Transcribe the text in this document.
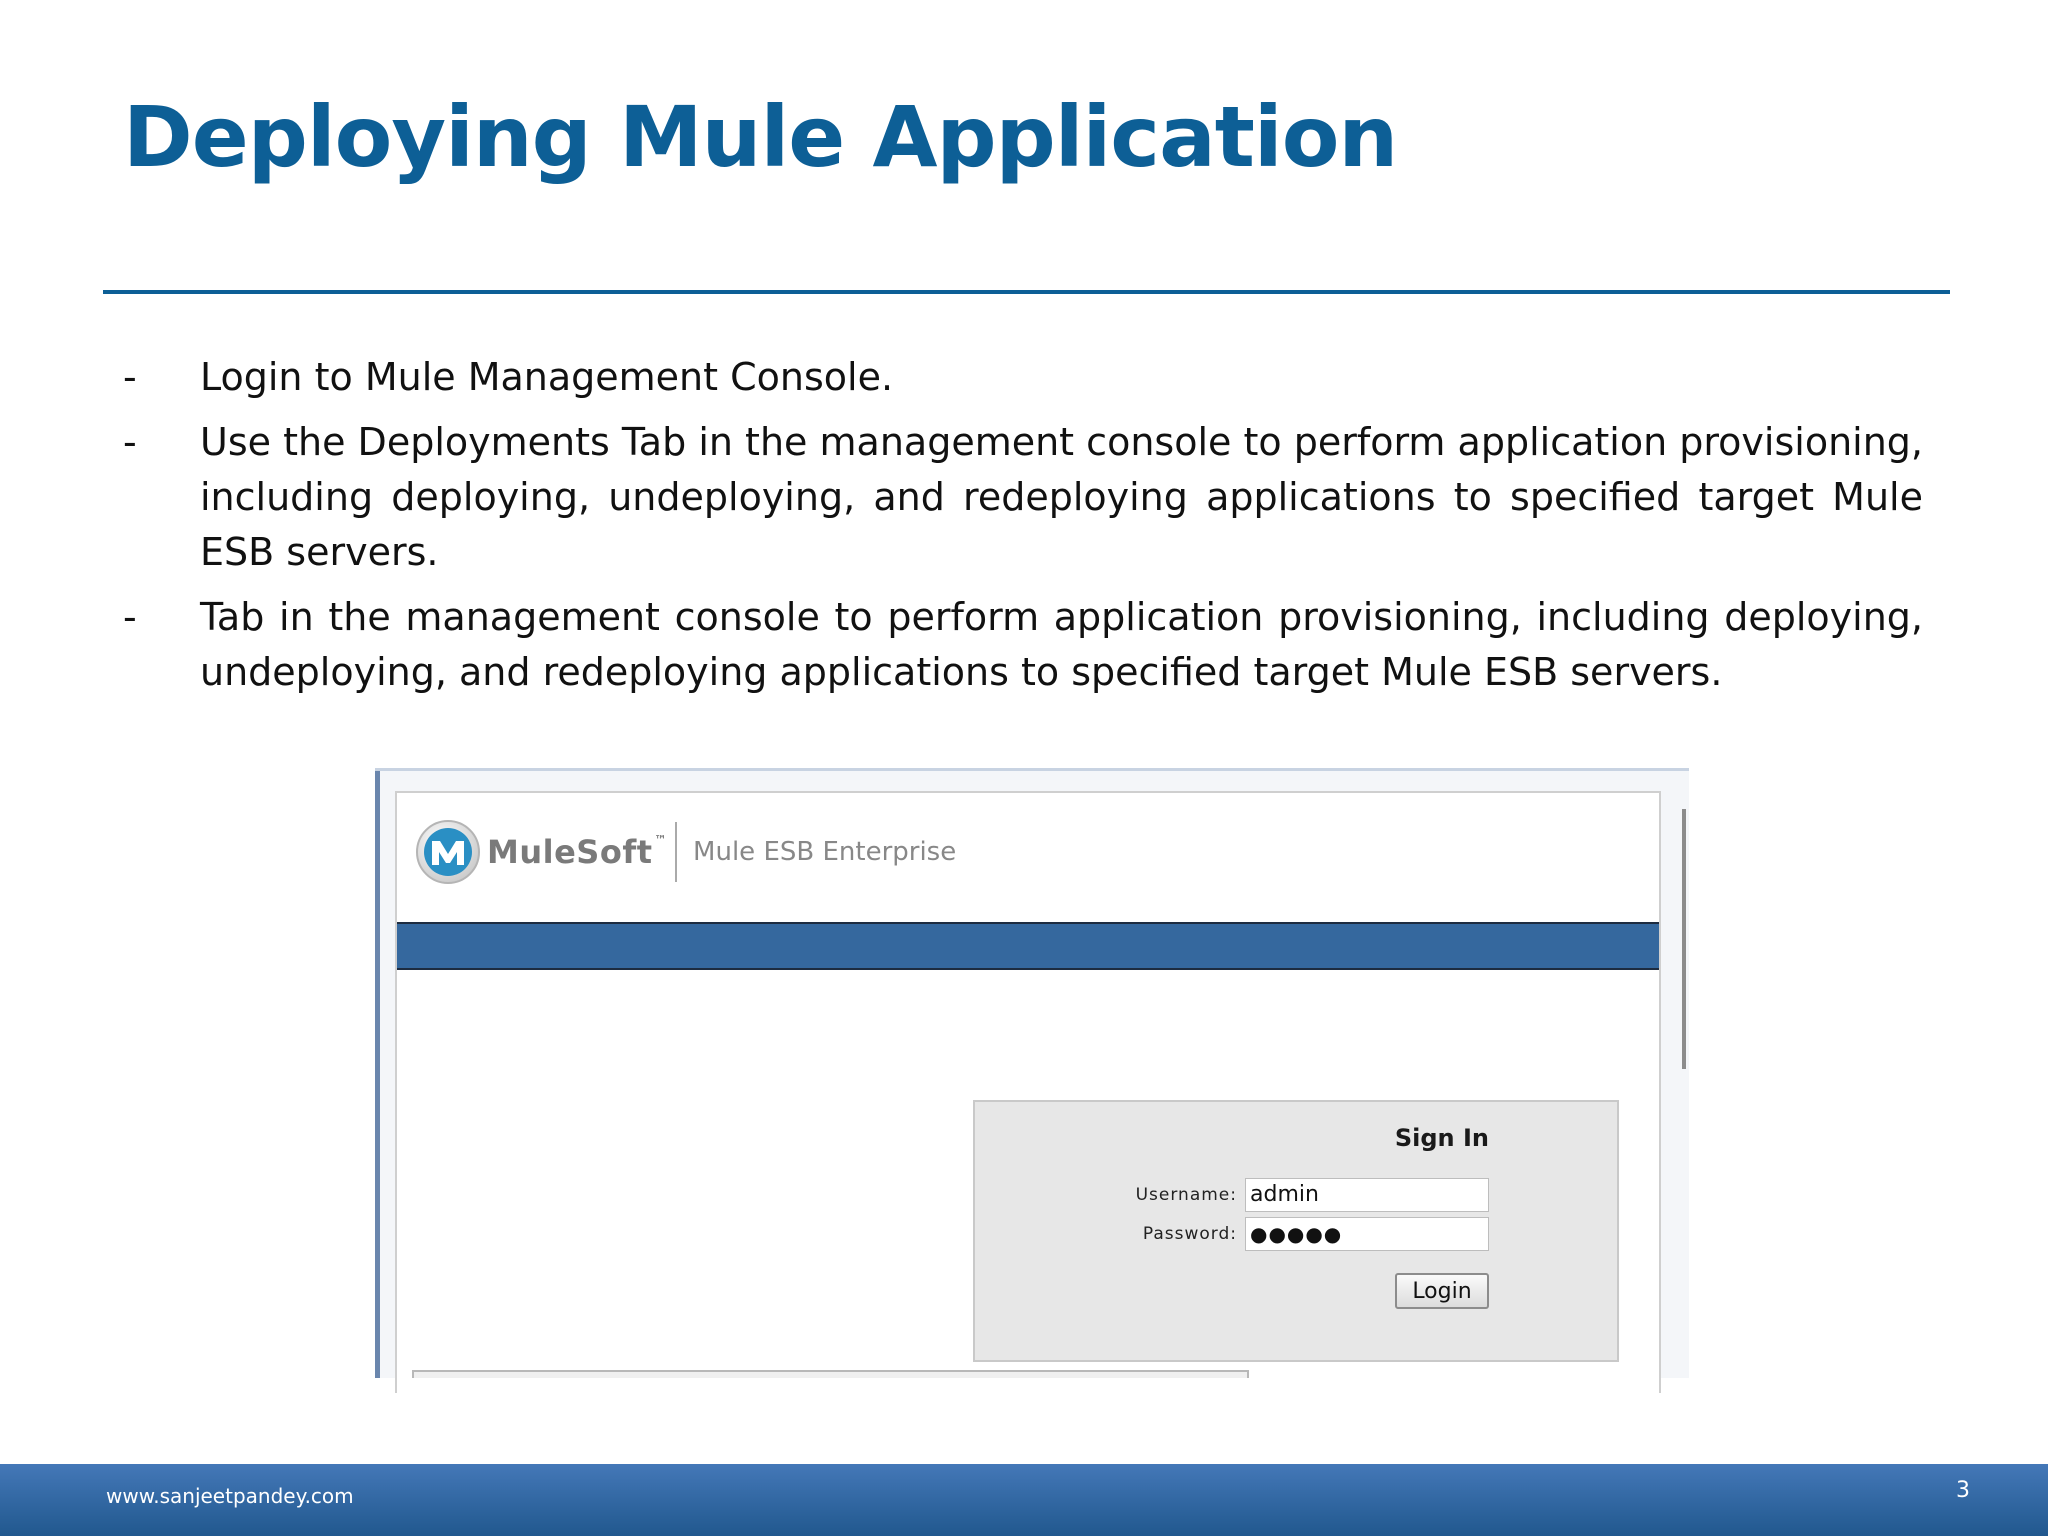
Deploying Mule Application
- Login to Mule Management Console.
- Use the Deployments Tab in the management console to perform application provisioning, including deploying, undeploying, and redeploying applications to specified target Mule ESB servers.
- Tab in the management console to perform application provisioning, including deploying, undeploying, and redeploying applications to specified target Mule ESB servers.
MuleSoft ™ Mule ESB Enterprise
Sign In
Username: admin
Password: ●●●●●
Login
www.sanjeetpandey.com	3
